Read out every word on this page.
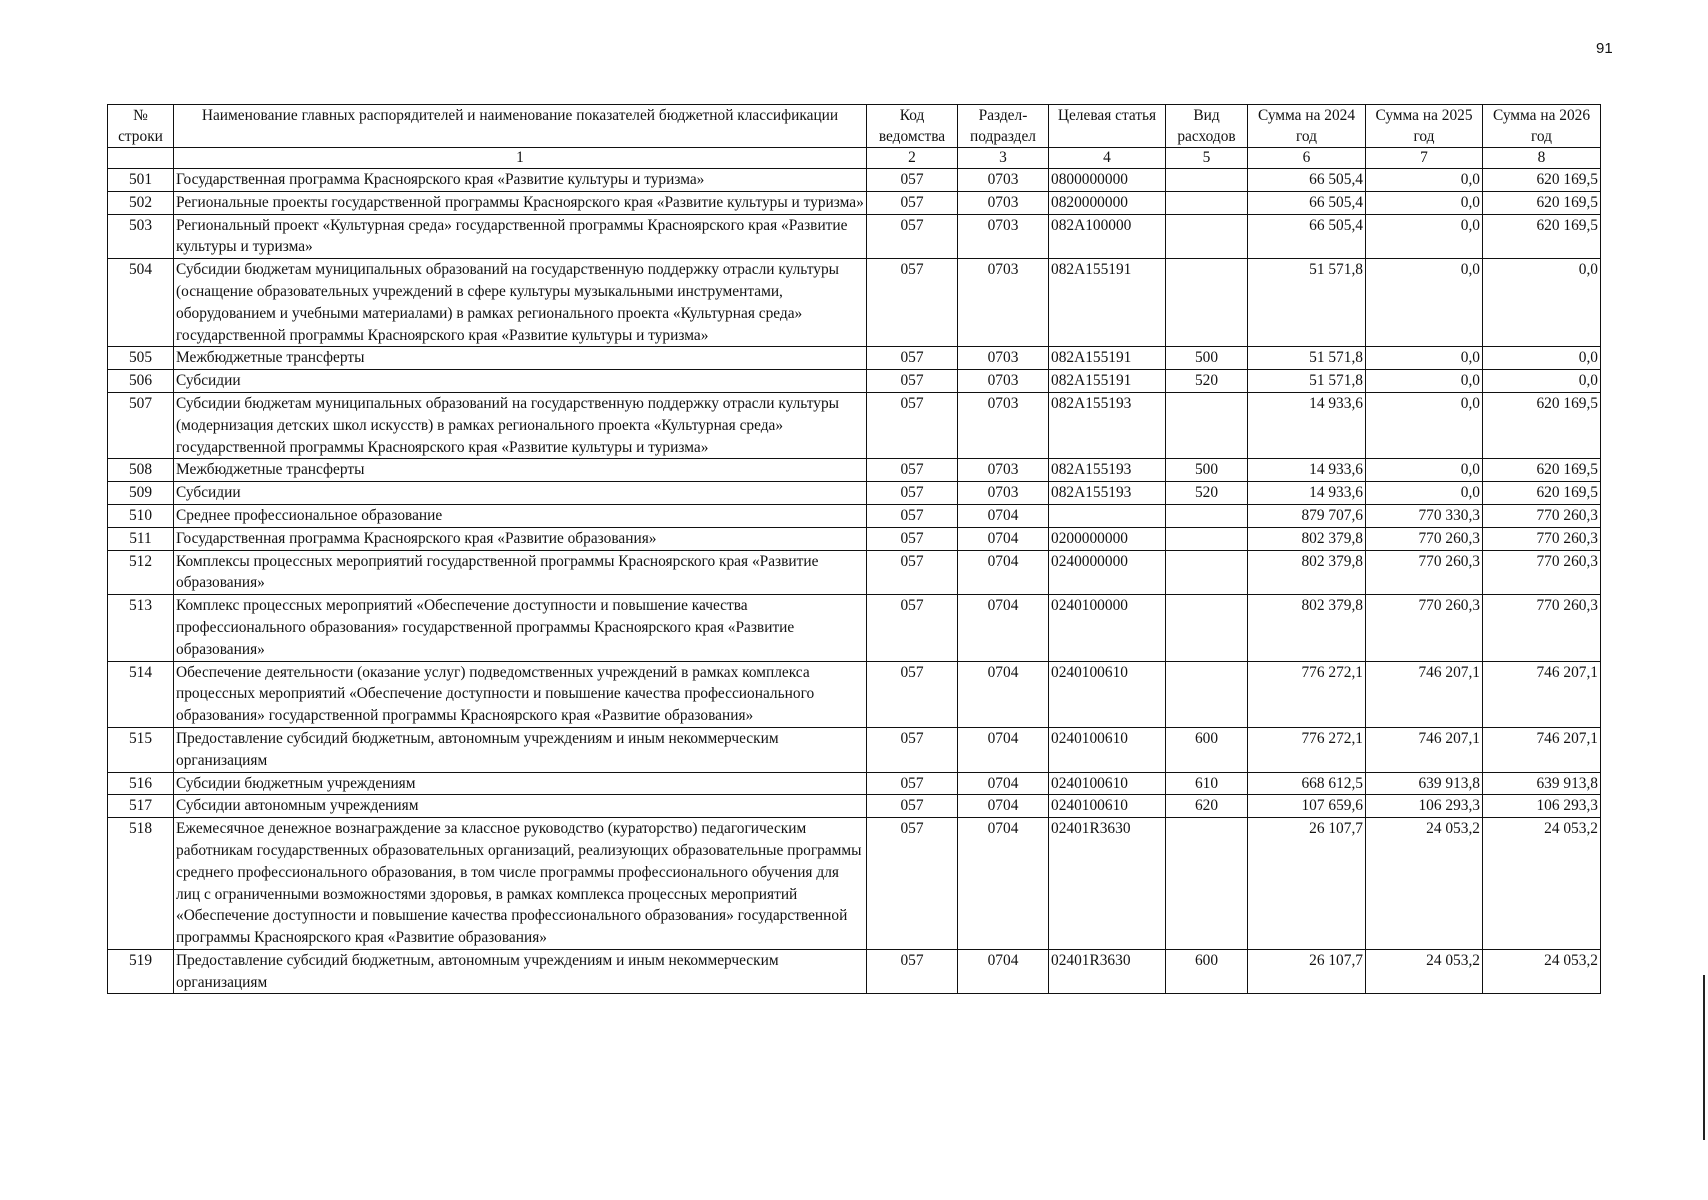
91
№ строки	Наименование главных распорядителей и наименование показателей бюджетной классификации	Код ведомства	Раздел-подраздел	Целевая статья	Вид расходов	Сумма на 2024 год	Сумма на 2025 год	Сумма на 2026 год
	1	2	3	4	5	6	7	8
501	Государственная программа Красноярского края «Развитие культуры и туризма»	057	0703	0800000000		66 505,4	0,0	620 169,5
502	Региональные проекты государственной программы Красноярского края «Развитие культуры и туризма»	057	0703	0820000000		66 505,4	0,0	620 169,5
503	Региональный проект «Культурная среда» государственной программы Красноярского края «Развитие культуры и туризма»	057	0703	082A100000		66 505,4	0,0	620 169,5
504	Субсидии бюджетам муниципальных образований на государственную поддержку отрасли культуры (оснащение образовательных учреждений в сфере культуры музыкальными инструментами, оборудованием и учебными материалами) в рамках регионального проекта «Культурная среда» государственной программы Красноярского края «Развитие культуры и туризма»	057	0703	082A155191		51 571,8	0,0	0,0
505	Межбюджетные трансферты	057	0703	082A155191	500	51 571,8	0,0	0,0
506	Субсидии	057	0703	082A155191	520	51 571,8	0,0	0,0
507	Субсидии бюджетам муниципальных образований на государственную поддержку отрасли культуры (модернизация детских школ искусств) в рамках регионального проекта «Культурная среда» государственной программы Красноярского края «Развитие культуры и туризма»	057	0703	082A155193		14 933,6	0,0	620 169,5
508	Межбюджетные трансферты	057	0703	082A155193	500	14 933,6	0,0	620 169,5
509	Субсидии	057	0703	082A155193	520	14 933,6	0,0	620 169,5
510	Среднее профессиональное образование	057	0704			879 707,6	770 330,3	770 260,3
511	Государственная программа Красноярского края «Развитие образования»	057	0704	0200000000		802 379,8	770 260,3	770 260,3
512	Комплексы процессных мероприятий государственной программы Красноярского края «Развитие образования»	057	0704	0240000000		802 379,8	770 260,3	770 260,3
513	Комплекс процессных мероприятий «Обеспечение доступности и повышение качества профессионального образования» государственной программы Красноярского края «Развитие образования»	057	0704	0240100000		802 379,8	770 260,3	770 260,3
514	Обеспечение деятельности (оказание услуг) подведомственных учреждений в рамках комплекса процессных мероприятий «Обеспечение доступности и повышение качества профессионального образования» государственной программы Красноярского края «Развитие образования»	057	0704	0240100610		776 272,1	746 207,1	746 207,1
515	Предоставление субсидий бюджетным, автономным учреждениям и иным некоммерческим организациям	057	0704	0240100610	600	776 272,1	746 207,1	746 207,1
516	Субсидии бюджетным учреждениям	057	0704	0240100610	610	668 612,5	639 913,8	639 913,8
517	Субсидии автономным учреждениям	057	0704	0240100610	620	107 659,6	106 293,3	106 293,3
518	Ежемесячное денежное вознаграждение за классное руководство (кураторство) педагогическим работникам государственных образовательных организаций, реализующих образовательные программы среднего профессионального образования, в том числе программы профессионального обучения для лиц с ограниченными возможностями здоровья, в рамках комплекса процессных мероприятий «Обеспечение доступности и повышение качества профессионального образования» государственной программы Красноярского края «Развитие образования»	057	0704	02401R3630		26 107,7	24 053,2	24 053,2
519	Предоставление субсидий бюджетным, автономным учреждениям и иным некоммерческим организациям	057	0704	02401R3630	600	26 107,7	24 053,2	24 053,2
